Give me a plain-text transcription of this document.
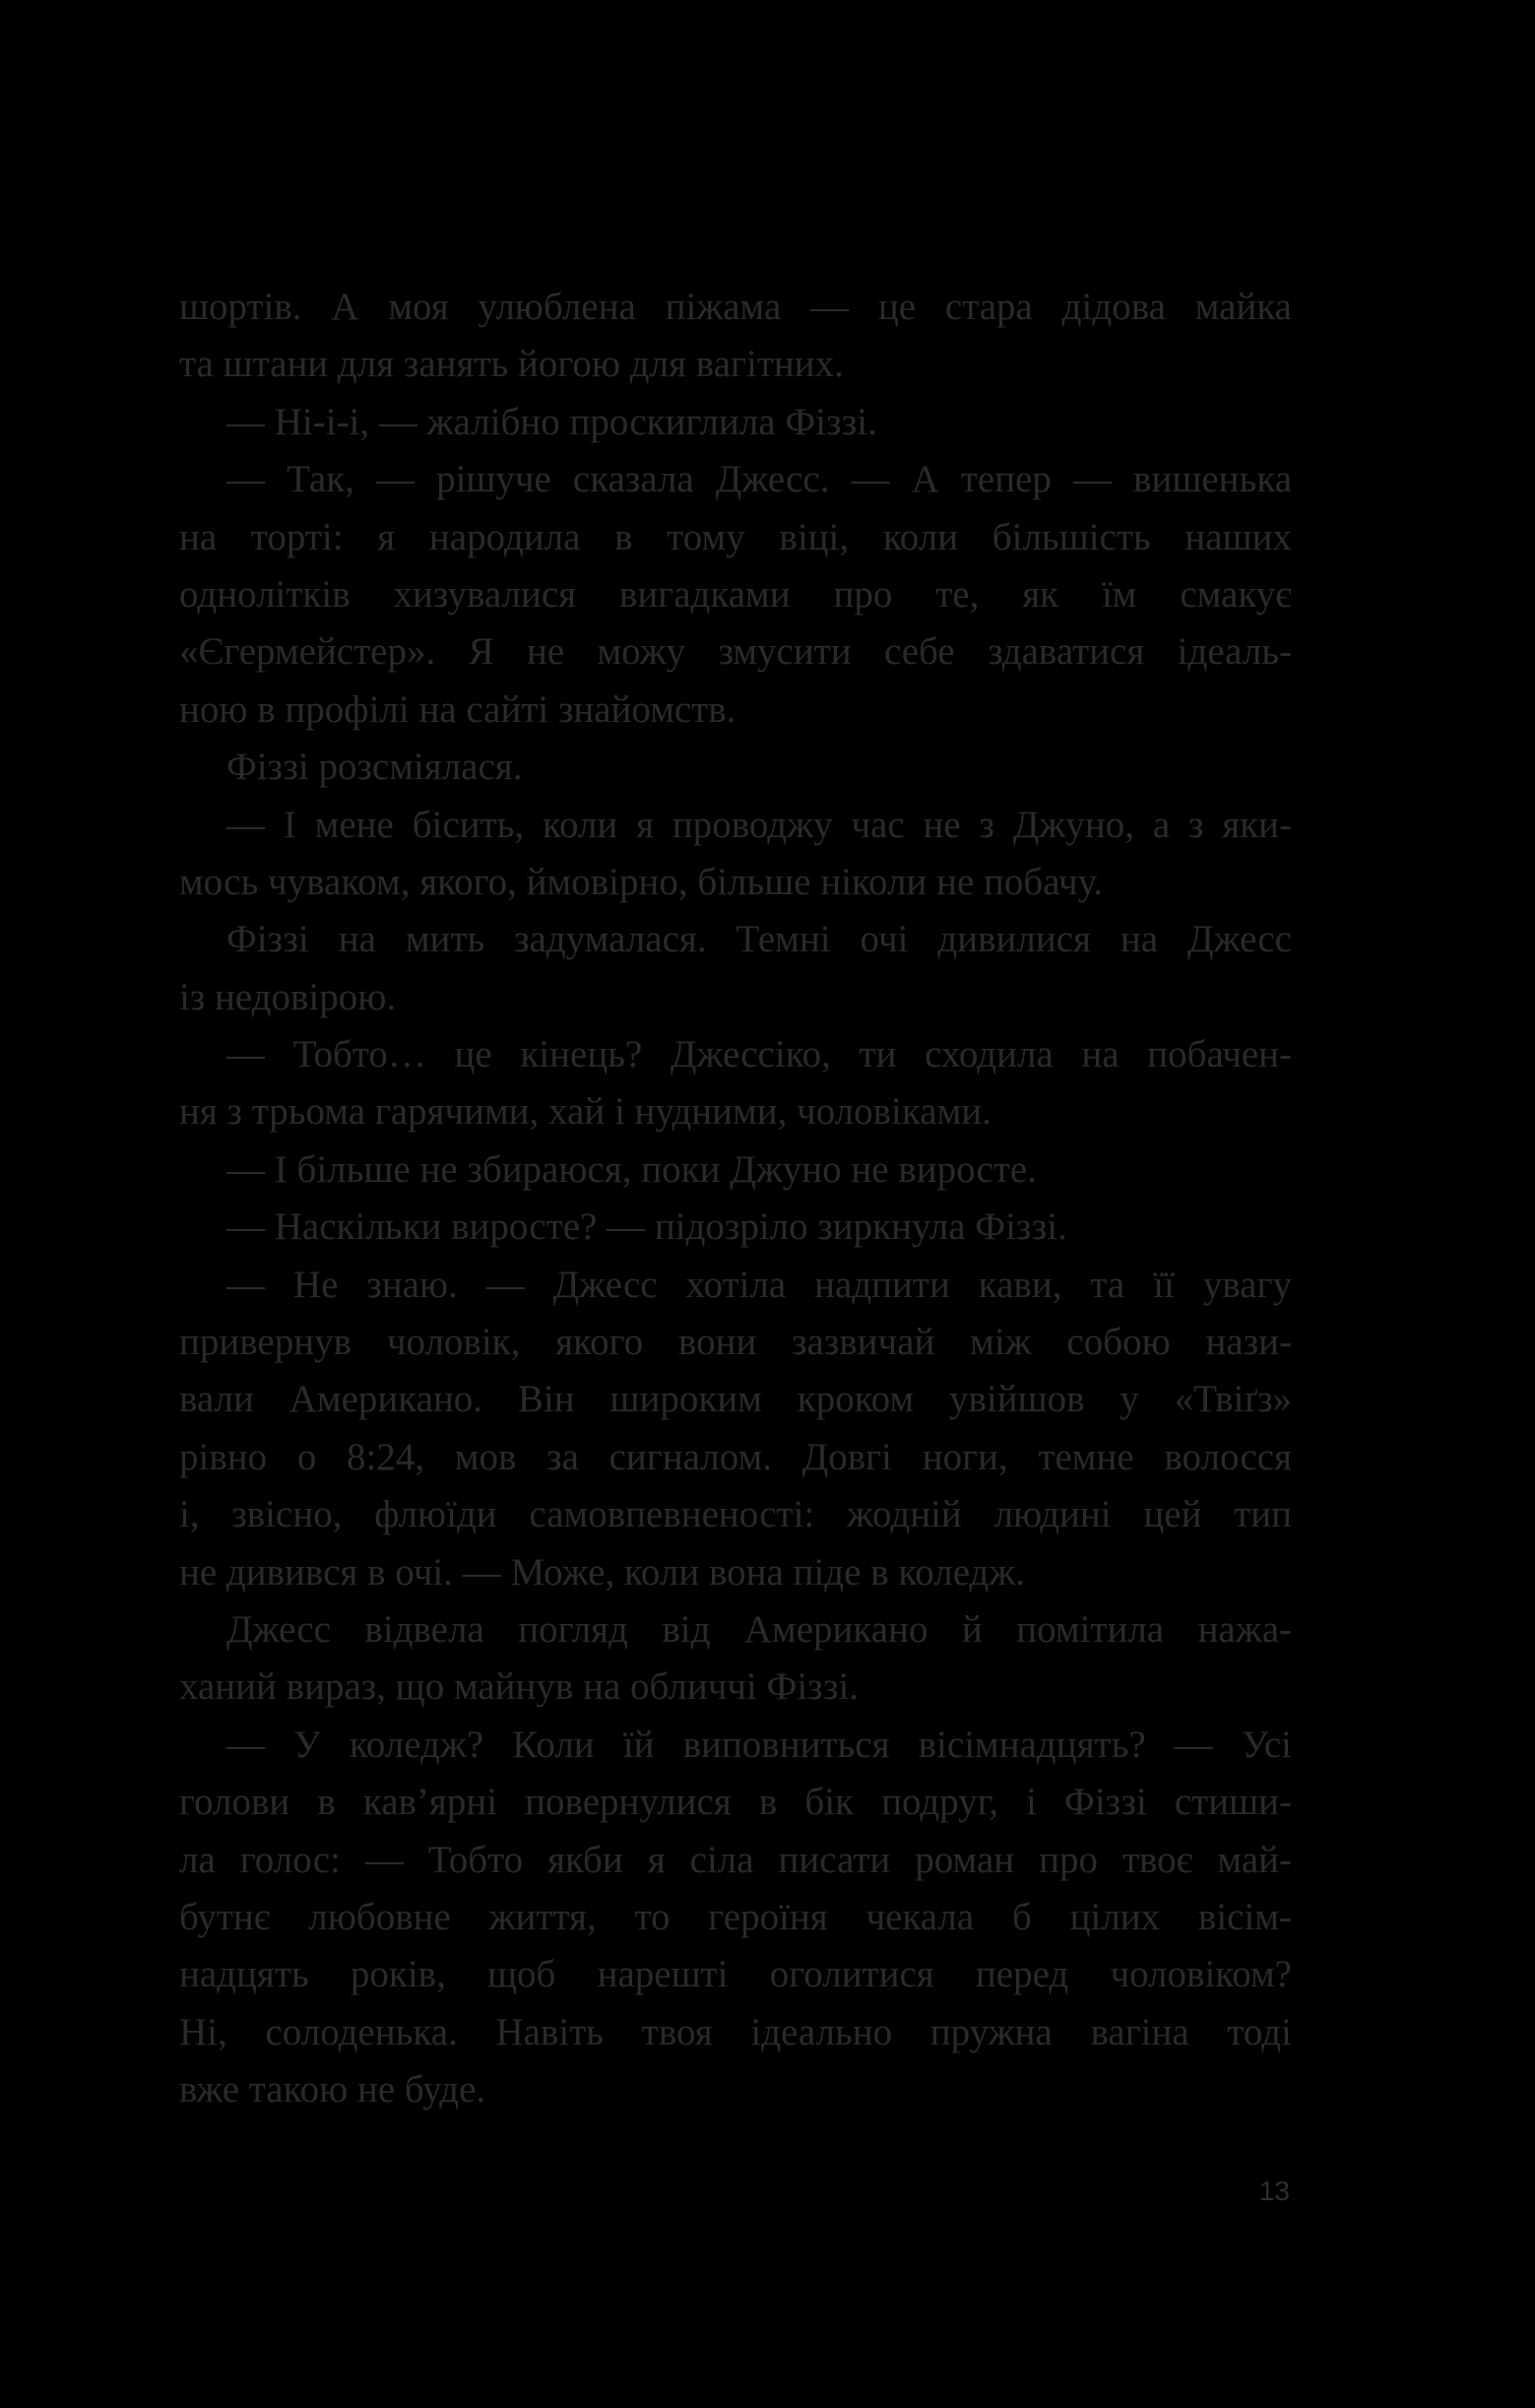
шортів. А моя улюблена піжама — це стара дідова майка
та штани для занять йогою для вагітних.
— Ні-і-і, — жалібно проскиглила Фіззі.
— Так, — рішуче сказала Джесс. — А тепер — вишенька
на торті: я народила в тому віці, коли більшість наших
однолітків хизувалися вигадками про те, як їм смакує
«Єгермейстер». Я не можу змусити себе здаватися ідеаль-
ною в профілі на сайті знайомств.
Фіззі розсміялася.
— І мене бісить, коли я проводжу час не з Джуно, а з яки-
мось чуваком, якого, ймовірно, більше ніколи не побачу.
Фіззі на мить задумалася. Темні очі дивилися на Джесс
із недовірою.
— Тобто… це кінець? Джессіко, ти сходила на побачен-
ня з трьома гарячими, хай і нудними, чоловіками.
— І більше не збираюся, поки Джуно не виросте.
— Наскільки виросте? — підозріло зиркнула Фіззі.
— Не знаю. — Джесс хотіла надпити кави, та її увагу
привернув чоловік, якого вони зазвичай між собою нази-
вали Американо. Він широким кроком увійшов у «Твіґз»
рівно о 8:24, мов за сигналом. Довгі ноги, темне волосся
і, звісно, флюїди самовпевненості: жодній людині цей тип
не дивився в очі. — Може, коли вона піде в коледж.
Джесс відвела погляд від Американо й помітила нажа-
ханий вираз, що майнув на обличчі Фіззі.
— У коледж? Коли їй виповниться вісімнадцять? — Усі
голови в кав’ярні повернулися в бік подруг, і Фіззі стиши-
ла голос: — Тобто якби я сіла писати роман про твоє май-
бутнє любовне життя, то героїня чекала б цілих вісім-
надцять років, щоб нарешті оголитися перед чоловіком?
Ні, солоденька. Навіть твоя ідеально пружна вагіна тоді
вже такою не буде.
13
